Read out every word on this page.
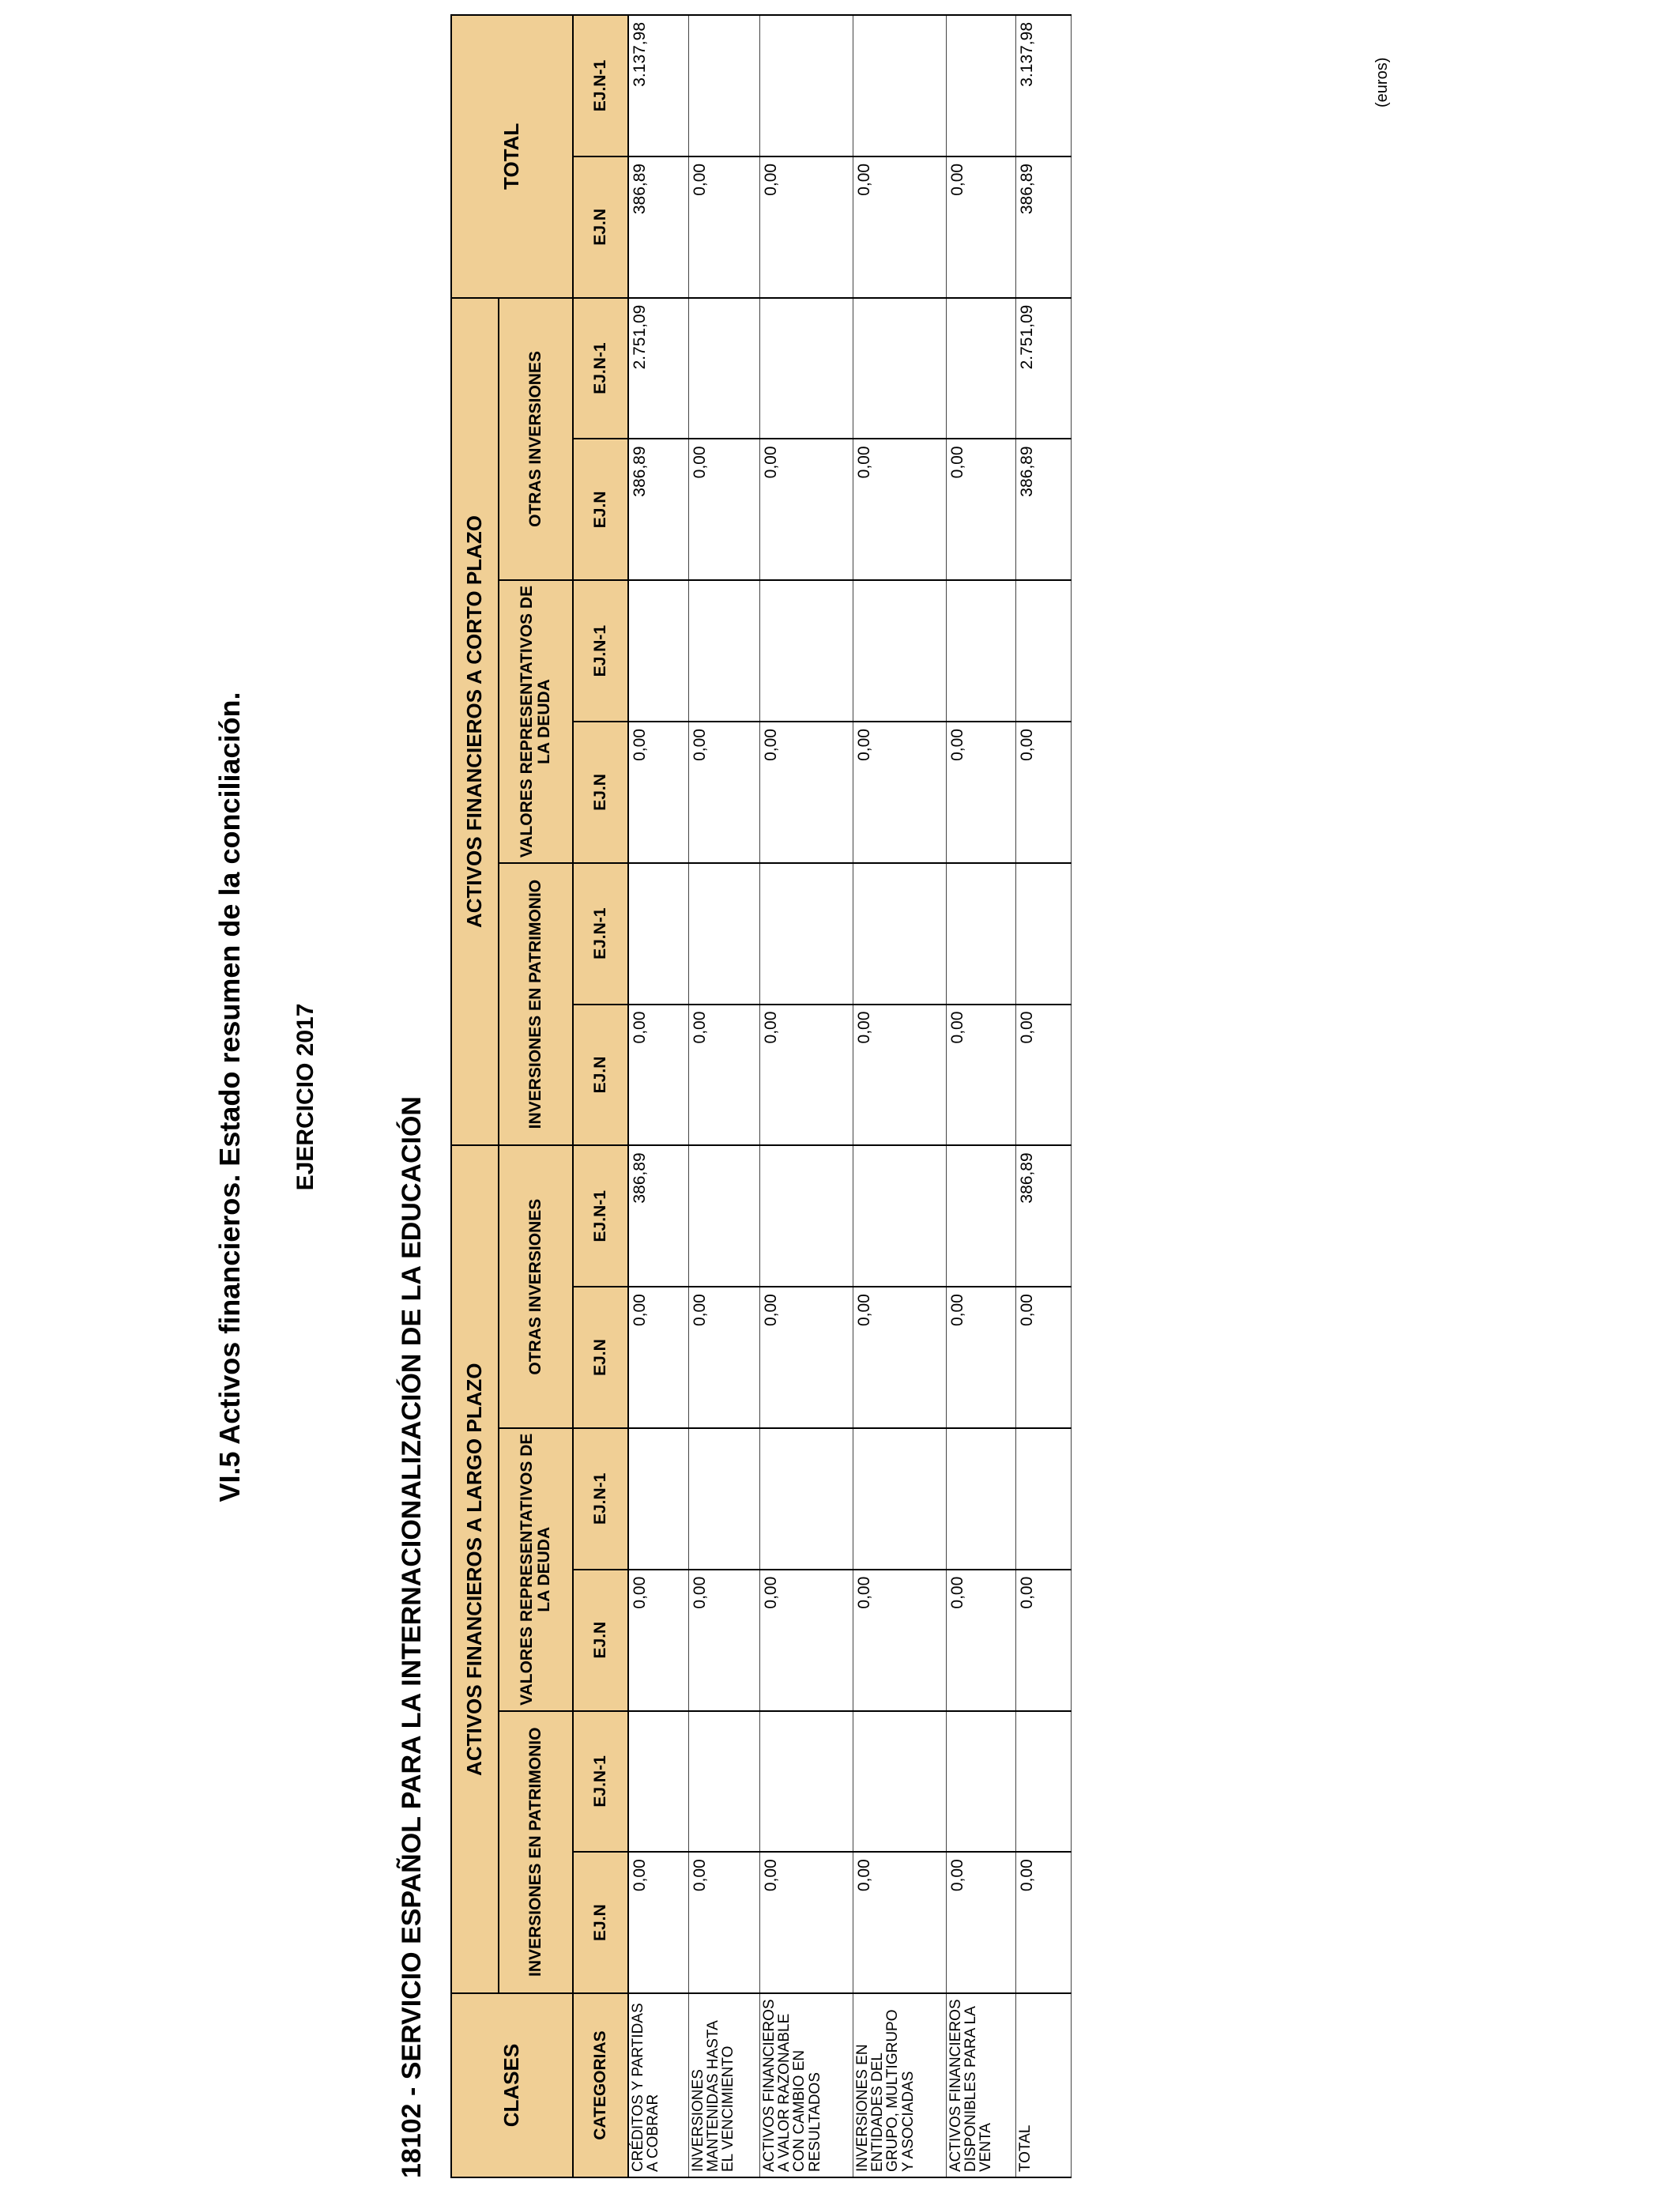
VI.5 Activos financieros. Estado resumen de la conciliación. EJERCICIO 2017	18102 - SERVICIO ESPAÑOL PARA LA INTERNACIONALIZACIÓN DE LA EDUCACIÓN
(euros)
CLASES	ACTIVOS FINANCIEROS A LARGO PLAZO						ACTIVOS FINANCIEROS A CORTO PLAZO						TOTAL	
	INVERSIONES EN PATRIMONIO		VALORES REPRESENTATIVOS DE LA DEUDA		OTRAS INVERSIONES		INVERSIONES EN PATRIMONIO		VALORES REPRESENTATIVOS DE LA DEUDA		OTRAS INVERSIONES			
CATEGORIAS	EJ.N	EJ.N-1	EJ.N	EJ.N-1	EJ.N	EJ.N-1	EJ.N	EJ.N-1	EJ.N	EJ.N-1	EJ.N	EJ.N-1	EJ.N	EJ.N-1
CRÉDITOS Y PARTIDAS A COBRAR	0,00		0,00		0,00	386,89	0,00		0,00		386,89	2.751,09	386,89	3.137,98
INVERSIONES MANTENIDAS HASTA EL VENCIMIENTO	0,00		0,00		0,00		0,00		0,00		0,00		0,00	
ACTIVOS FINANCIEROS A VALOR RAZONABLE CON CAMBIO EN RESULTADOS	0,00		0,00		0,00		0,00		0,00		0,00		0,00	
INVERSIONES EN ENTIDADES DEL GRUPO, MULTIGRUPO Y ASOCIADAS	0,00		0,00		0,00		0,00		0,00		0,00		0,00	
ACTIVOS FINANCIEROS DISPONIBLES PARA LA VENTA	0,00		0,00		0,00		0,00		0,00		0,00		0,00	
TOTAL	0,00		0,00		0,00	386,89	0,00		0,00		386,89	2.751,09	386,89	3.137,98
